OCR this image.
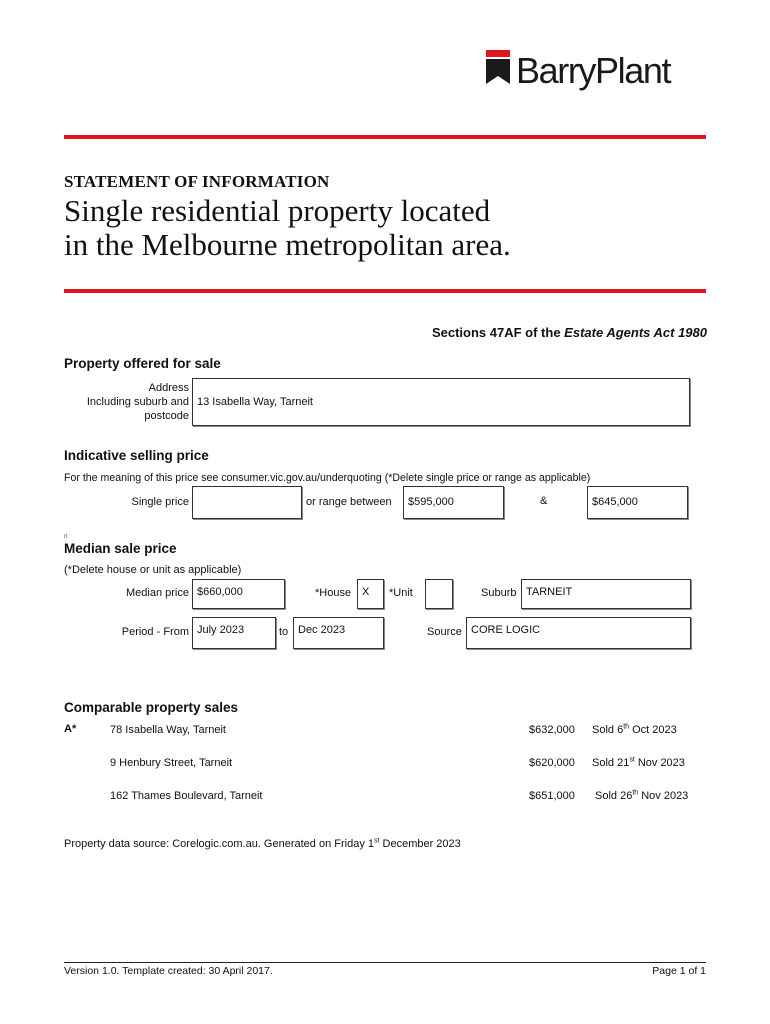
BarryPlant
STATEMENT OF INFORMATION
Single residential property located
in the Melbourne metropolitan area.
Sections 47AF of the Estate Agents Act 1980
Property offered for sale
Address
Including suburb and
postcode
13 Isabella Way, Tarneit
Indicative selling price
For the meaning of this price see consumer.vic.gov.au/underquoting (*Delete single price or range as applicable)
Single price	or range between	$595,000	&	$645,000
rt
Median sale price
(*Delete house or unit as applicable)
Median price $660,000	*House X	*Unit	Suburb TARNEIT
Period - From July 2023	to Dec 2023	Source CORE LOGIC
Comparable property sales
A*	78 Isabella Way, Tarneit	$632,000 Sold 6th Oct 2023
9 Henbury Street, Tarneit	$620,000 Sold 21st Nov 2023
162 Thames Boulevard, Tarneit	$651,000 Sold 26th Nov 2023
Property data source: Corelogic.com.au. Generated on Friday 1st December 2023
Version 1.0. Template created: 30 April 2017.	Page 1 of 1
